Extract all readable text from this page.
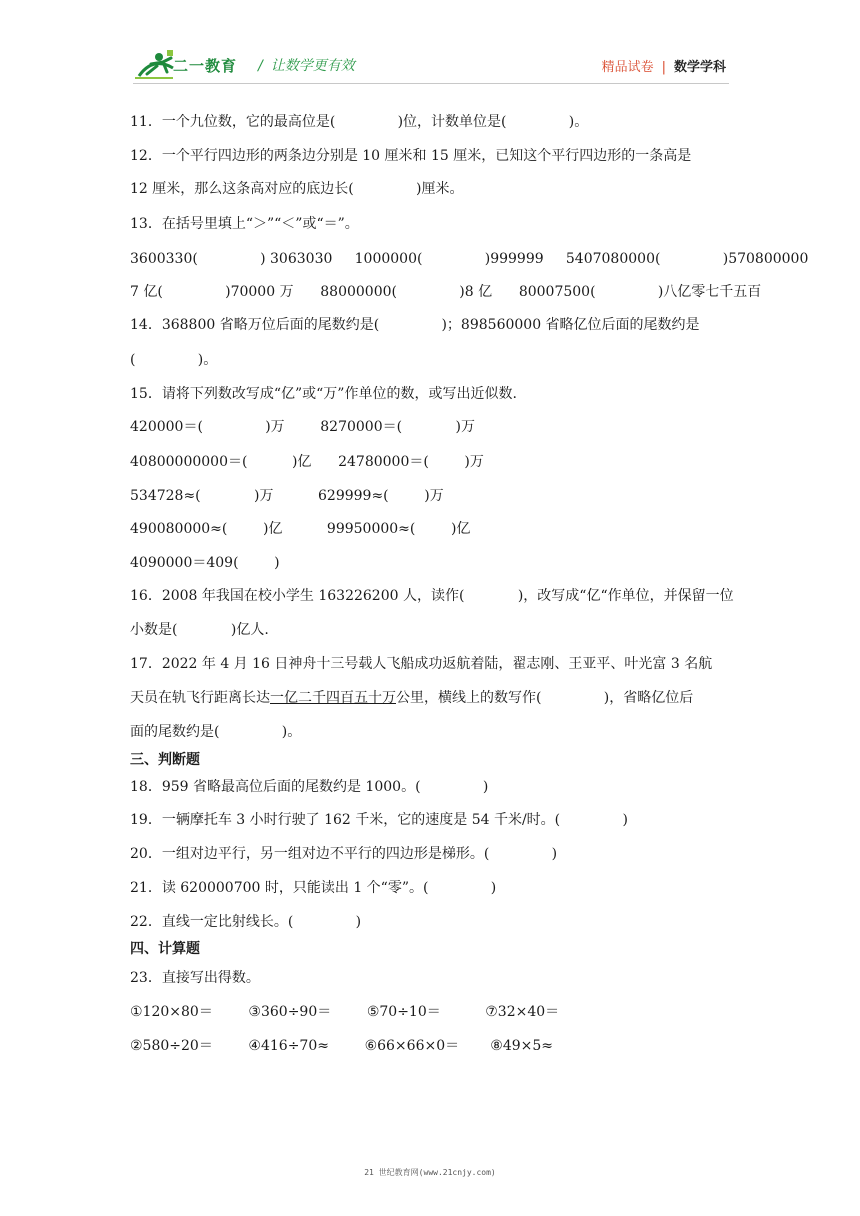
二一教育 / 让数学更有效	精品试卷 | 数学学科
11．一个九位数，它的最高位是(              )位，计数单位是(              )。
12．一个平行四边形的两条边分别是 10 厘米和 15 厘米，已知这个平行四边形的一条高是
12 厘米，那么这条高对应的底边长(              )厘米。
13．在括号里填上“＞”“＜”或“＝”。
3600330(              ) 3063030     1000000(              )999999     5407080000(              )570800000
7 亿(              )70000 万      88000000(              )8 亿      80007500(              )八亿零七千五百
14．368800 省略万位后面的尾数约是(              )；898560000 省略亿位后面的尾数约是
(              )。
15．请将下列数改写成“亿”或“万”作单位的数，或写出近似数.
420000＝(              )万        8270000＝(            )万
40800000000＝(          )亿      24780000＝(        )万
534728≈(            )万          629999≈(        )万
490080000≈(        )亿          99950000≈(        )亿
4090000＝409(        )
16．2008 年我国在校小学生 163226200 人，读作(            )，改写成“亿“作单位，并保留一位
小数是(            )亿人.
17．2022 年 4 月 16 日神舟十三号载人飞船成功返航着陆，翟志刚、王亚平、叶光富 3 名航
天员在轨飞行距离长达一亿二千四百五十万公里，横线上的数写作(              )，省略亿位后
面的尾数约是(              )。
三、判断题
18．959 省略最高位后面的尾数约是 1000。(              )
19．一辆摩托车 3 小时行驶了 162 千米，它的速度是 54 千米/时。(              )
20．一组对边平行，另一组对边不平行的四边形是梯形。(              )
21．读 620000700 时，只能读出 1 个“零”。(              )
22．直线一定比射线长。(              )
四、计算题
23．直接写出得数。
①120×80＝        ③360÷90＝        ⑤70÷10＝          ⑦32×40＝
②580÷20＝        ④416÷70≈        ⑥66×66×0＝       ⑧49×5≈
21 世纪教育网(www.21cnjy.com)
